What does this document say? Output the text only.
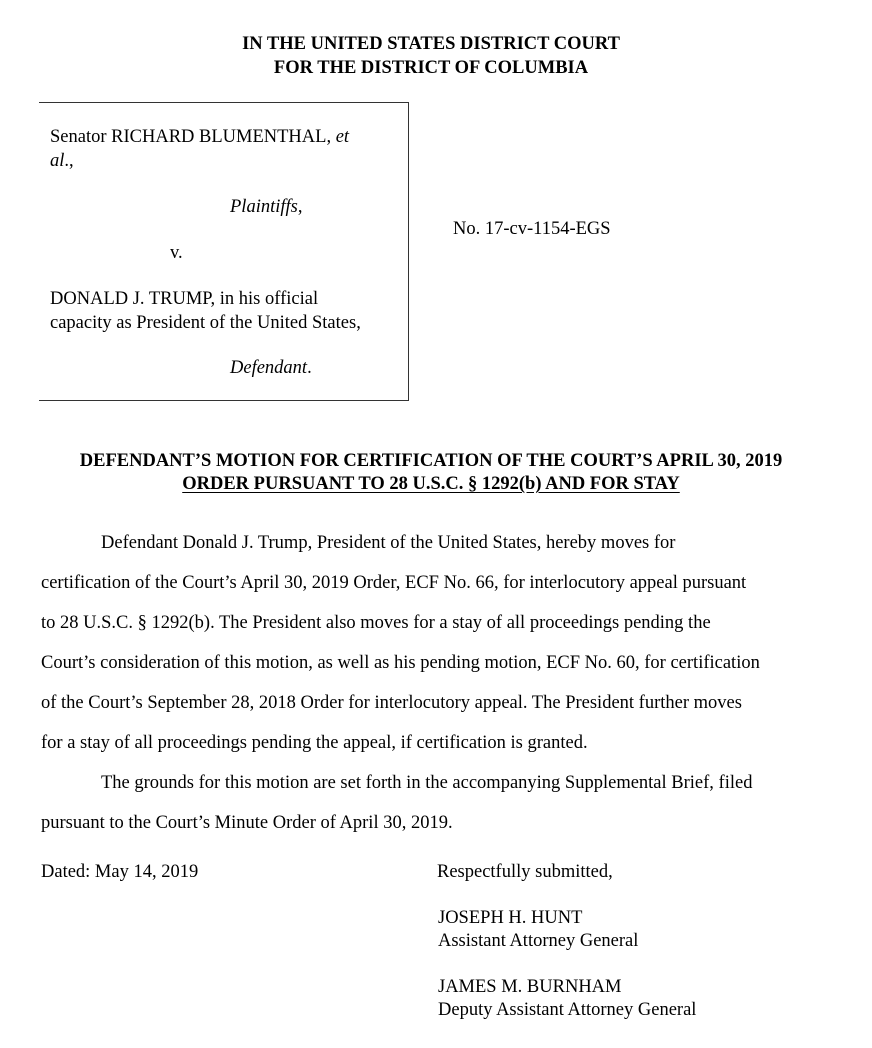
IN THE UNITED STATES DISTRICT COURT
FOR THE DISTRICT OF COLUMBIA
Senator RICHARD BLUMENTHAL, et
al.,
Plaintiffs,
v.
DONALD J. TRUMP, in his official
capacity as President of the United States,
Defendant.
No. 17-cv-1154-EGS
DEFENDANT’S MOTION FOR CERTIFICATION OF THE COURT’S APRIL 30, 2019
ORDER PURSUANT TO 28 U.S.C. § 1292(b) AND FOR STAY
Defendant Donald J. Trump, President of the United States, hereby moves for
certification of the Court’s April 30, 2019 Order, ECF No. 66, for interlocutory appeal pursuant
to 28 U.S.C. § 1292(b). The President also moves for a stay of all proceedings pending the
Court’s consideration of this motion, as well as his pending motion, ECF No. 60, for certification
of the Court’s September 28, 2018 Order for interlocutory appeal. The President further moves
for a stay of all proceedings pending the appeal, if certification is granted.
The grounds for this motion are set forth in the accompanying Supplemental Brief, filed
pursuant to the Court’s Minute Order of April 30, 2019.
Dated: May 14, 2019	Respectfully submitted,
JOSEPH H. HUNT
Assistant Attorney General
JAMES M. BURNHAM
Deputy Assistant Attorney General
